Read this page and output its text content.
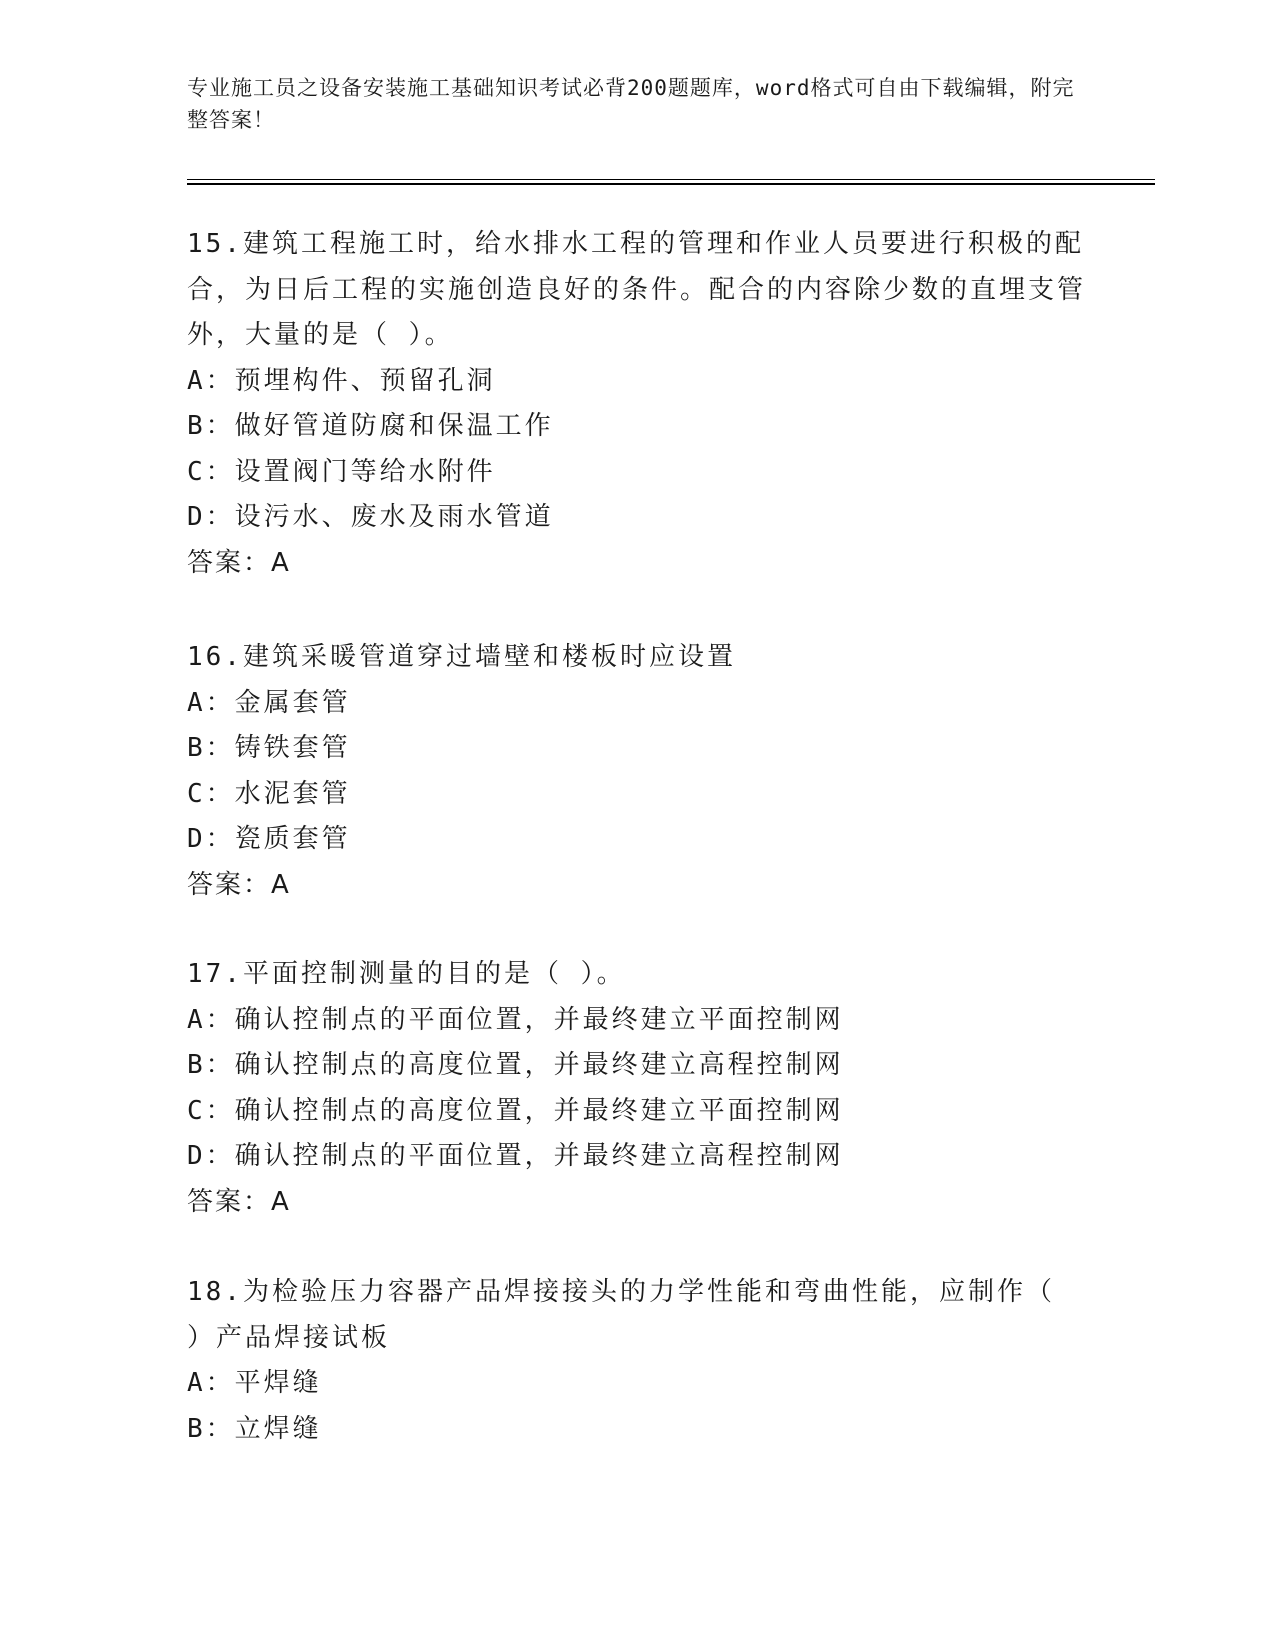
专业施工员之设备安装施工基础知识考试必背200题题库，word格式可自由下载编辑，附完整答案！
15.建筑工程施工时，给水排水工程的管理和作业人员要进行积极的配合，为日后工程的实施创造良好的条件。配合的内容除少数的直埋支管外，大量的是（ ）。
A：预埋构件、预留孔洞
B：做好管道防腐和保温工作
C：设置阀门等给水附件
D：设污水、废水及雨水管道
答案：A
16.建筑采暖管道穿过墙壁和楼板时应设置
A：金属套管
B：铸铁套管
C：水泥套管
D：瓷质套管
答案：A
17.平面控制测量的目的是（ ）。
A：确认控制点的平面位置，并最终建立平面控制网
B：确认控制点的高度位置，并最终建立高程控制网
C：确认控制点的高度位置，并最终建立平面控制网
D：确认控制点的平面位置，并最终建立高程控制网
答案：A
18.为检验压力容器产品焊接接头的力学性能和弯曲性能，应制作（ ）产品焊接试板
A：平焊缝
B：立焊缝
